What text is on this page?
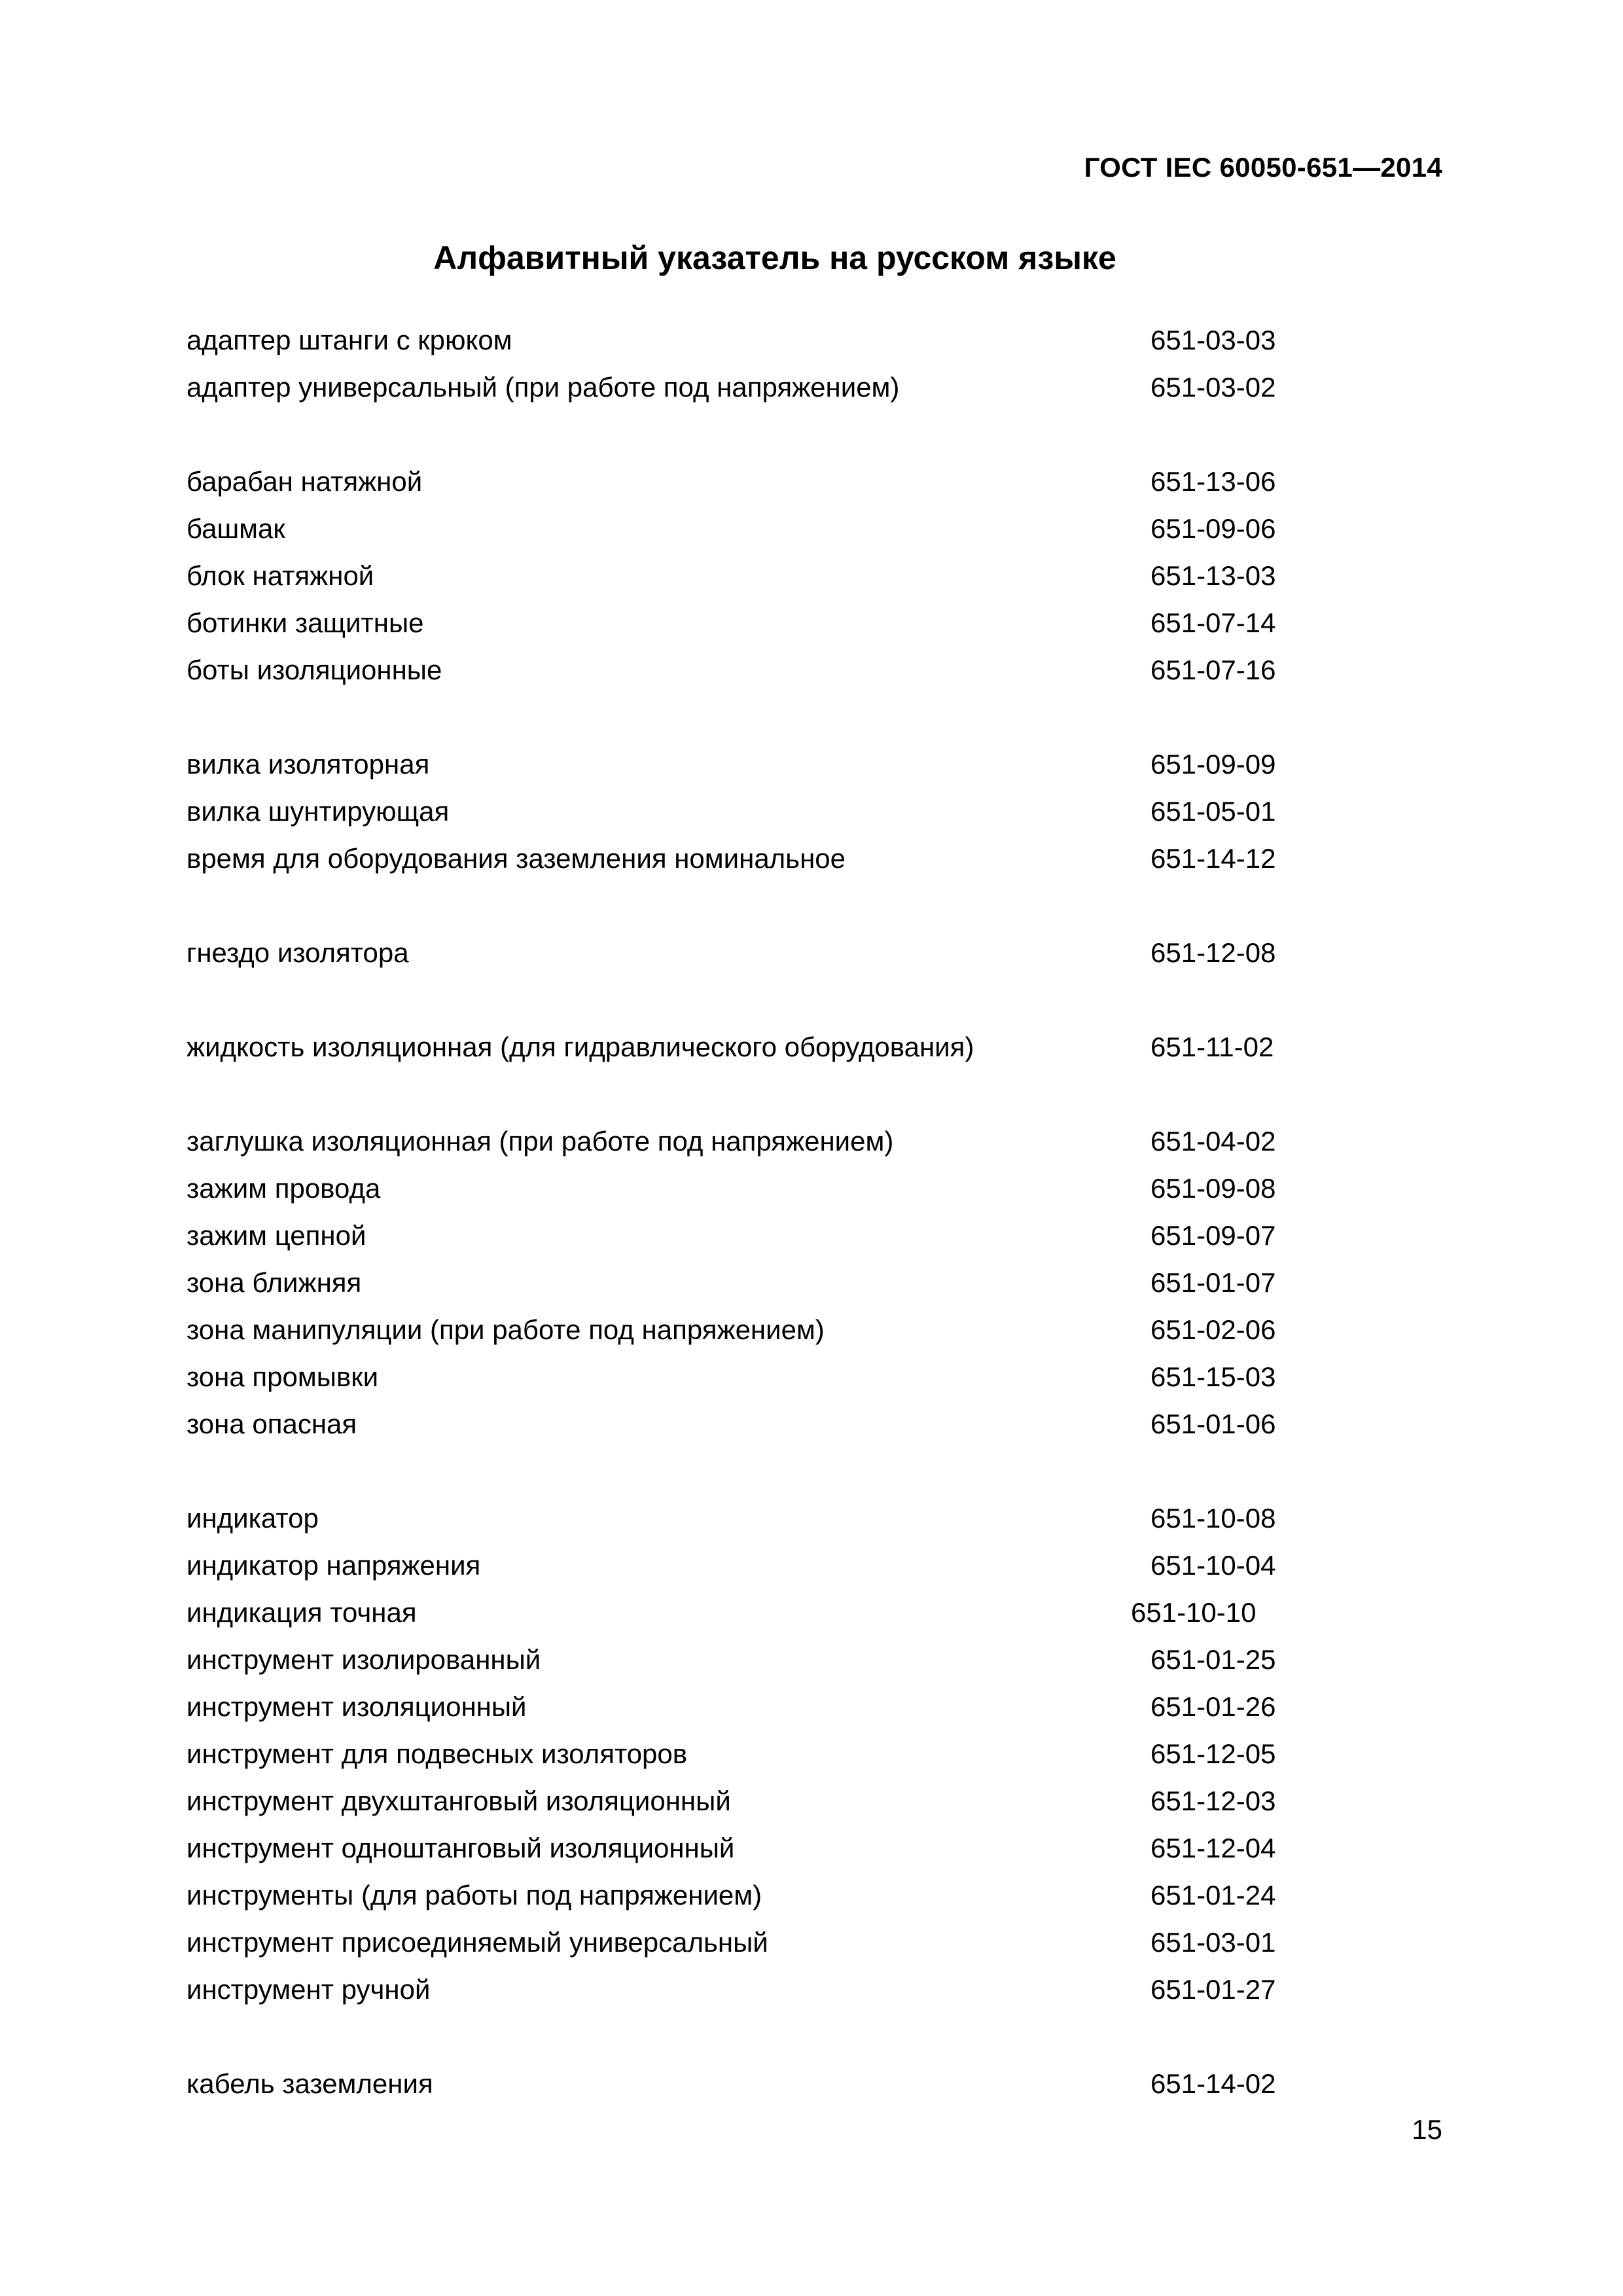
ГОСТ IEC 60050-651—2014
Алфавитный указатель на русском языке
адаптер штанги с крюком	651-03-03
адаптер универсальный (при работе под напряжением)	651-03-02
барабан натяжной	651-13-06
башмак	651-09-06
блок натяжной	651-13-03
ботинки защитные	651-07-14
боты изоляционные	651-07-16
вилка изоляторная	651-09-09
вилка шунтирующая	651-05-01
время для оборудования заземления номинальное	651-14-12
гнездо изолятора	651-12-08
жидкость изоляционная (для гидравлического оборудования)	651-11-02
заглушка изоляционная (при работе под напряжением)	651-04-02
зажим провода	651-09-08
зажим цепной	651-09-07
зона ближняя	651-01-07
зона манипуляции (при работе под напряжением)	651-02-06
зона промывки	651-15-03
зона опасная	651-01-06
индикатор	651-10-08
индикатор напряжения	651-10-04
индикация точная	651-10-10
инструмент изолированный	651-01-25
инструмент изоляционный	651-01-26
инструмент для подвесных изоляторов	651-12-05
инструмент двухштанговый изоляционный	651-12-03
инструмент одноштанговый изоляционный	651-12-04
инструменты (для работы под напряжением)	651-01-24
инструмент присоединяемый универсальный	651-03-01
инструмент ручной	651-01-27
кабель заземления	651-14-02
15
